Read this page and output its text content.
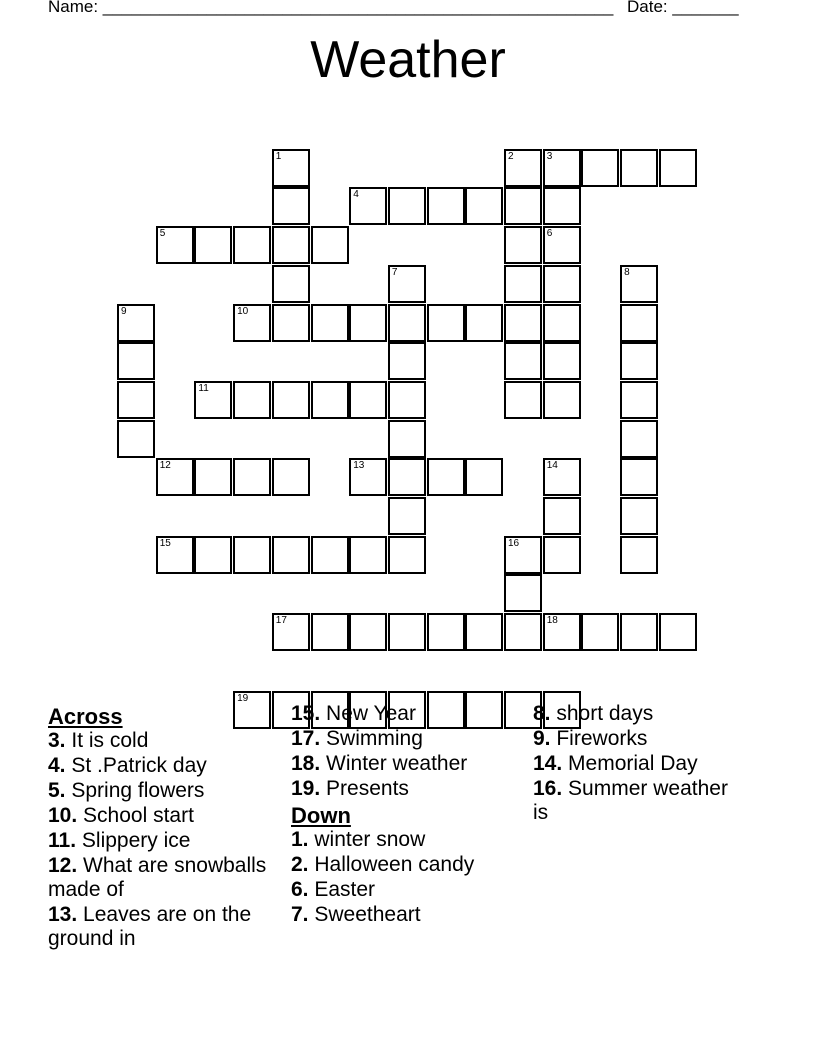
Name: ______________________________________________________ Date: _______
Weather
1	2	3
4
5	6
7	8
9	10
11
12	13	14
15	16
17	18
19
Across
3. It is cold
4. St .Patrick day
5. Spring flowers
10. School start
11. Slippery ice
12. What are snowballs made of
13. Leaves are on the ground in
15. New Year
17. Swimming
18. Winter weather
19. Presents
Down
1. winter snow
2. Halloween candy
6. Easter
7. Sweetheart
8. short days
9. Fireworks
14. Memorial Day
16. Summer weather is
